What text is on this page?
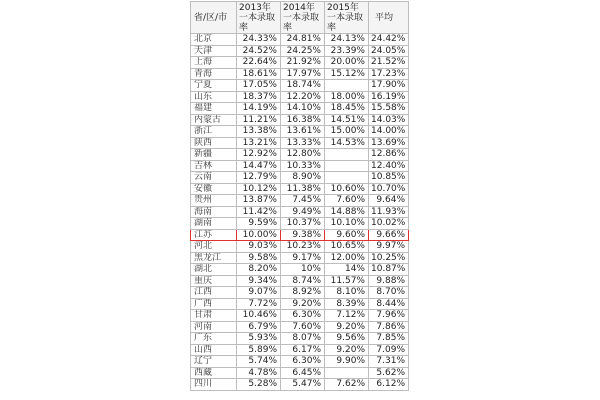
省/区/市	2013年一本录取率	2014年一本录取率	2015年一本录取率	平均
北京	24.33%	24.81%	24.13%	24.42%
天津	24.52%	24.25%	23.39%	24.05%
上海	22.64%	21.92%	20.00%	21.52%
青海	18.61%	17.97%	15.12%	17.23%
宁夏	17.05%	18.74%		17.90%
山东	18.37%	12.20%	18.00%	16.19%
福建	14.19%	14.10%	18.45%	15.58%
内蒙古	11.21%	16.38%	14.51%	14.03%
浙江	13.38%	13.61%	15.00%	14.00%
陕西	13.21%	13.33%	14.53%	13.69%
新疆	12.92%	12.80%		12.86%
吉林	14.47%	10.33%		12.40%
云南	12.79%	8.90%		10.85%
安徽	10.12%	11.38%	10.60%	10.70%
贵州	13.87%	7.45%	7.60%	9.64%
海南	11.42%	9.49%	14.88%	11.93%
湖南	9.59%	10.37%	10.10%	10.02%
江苏	10.00%	9.38%	9.60%	9.66%
河北	9.03%	10.23%	10.65%	9.97%
黑龙江	9.58%	9.17%	12.00%	10.25%
湖北	8.20%	10%	14%	10.87%
重庆	9.34%	8.74%	11.57%	9.88%
江西	9.07%	8.92%	8.10%	8.70%
广西	7.72%	9.20%	8.39%	8.44%
甘肃	10.46%	6.30%	7.12%	7.96%
河南	6.79%	7.60%	9.20%	7.86%
广东	5.93%	8.07%	9.56%	7.85%
山西	5.89%	6.17%	9.20%	7.09%
辽宁	5.74%	6.30%	9.90%	7.31%
西藏	4.78%	6.45%		5.62%
四川	5.28%	5.47%	7.62%	6.12%
